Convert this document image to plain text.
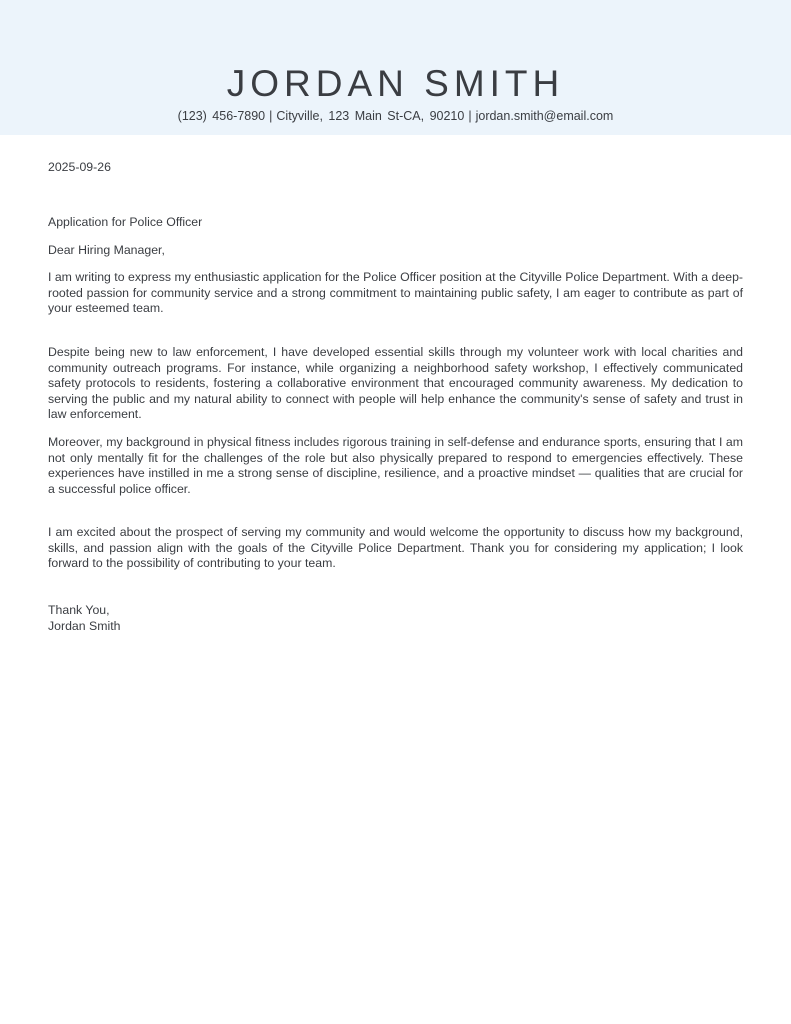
JORDAN SMITH
(123) 456-7890 | Cityville, 123 Main St-CA, 90210 | jordan.smith@email.com
2025-09-26
Application for Police Officer
Dear Hiring Manager,

I am writing to express my enthusiastic application for the Police Officer position at the Cityville Police Department. With a deep-rooted passion for community service and a strong commitment to maintaining public safety, I am eager to contribute as part of your esteemed team.

Despite being new to law enforcement, I have developed essential skills through my volunteer work with local charities and community outreach programs. For instance, while organizing a neighborhood safety workshop, I effectively communicated safety protocols to residents, fostering a collaborative environment that encouraged community awareness. My dedication to serving the public and my natural ability to connect with people will help enhance the community's sense of safety and trust in law enforcement.

Moreover, my background in physical fitness includes rigorous training in self-defense and endurance sports, ensuring that I am not only mentally fit for the challenges of the role but also physically prepared to respond to emergencies effectively. These experiences have instilled in me a strong sense of discipline, resilience, and a proactive mindset — qualities that are crucial for a successful police officer.

I am excited about the prospect of serving my community and would welcome the opportunity to discuss how my background, skills, and passion align with the goals of the Cityville Police Department. Thank you for considering my application; I look forward to the possibility of contributing to your team.

Thank You,
Jordan Smith
